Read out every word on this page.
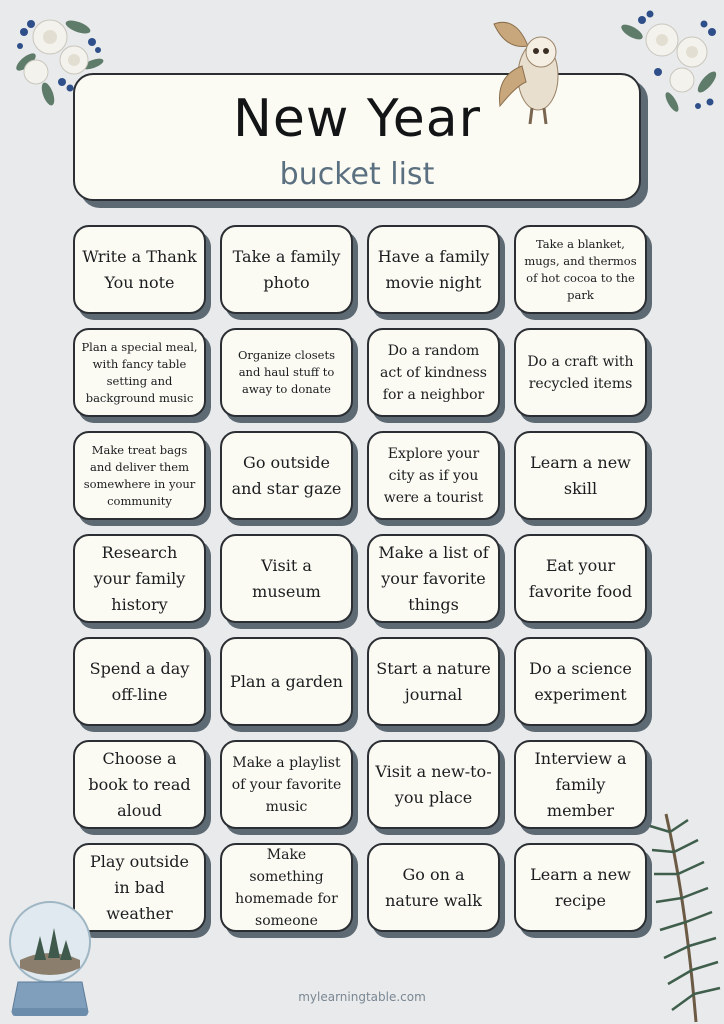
New Year
bucket list
Write a Thank You note
Take a family photo
Have a family movie night
Take a blanket, mugs, and thermos of hot cocoa to the park
Plan a special meal, with fancy table setting and background music
Organize closets and haul stuff to away to donate
Do a random act of kindness for a neighbor
Do a craft with recycled items
Make treat bags and deliver them somewhere in your community
Go outside and star gaze
Explore your city as if you were a tourist
Learn a new skill
Research your family history
Visit a museum
Make a list of your favorite things
Eat your favorite food
Spend a day off-line
Plan a garden
Start a nature journal
Do a science experiment
Choose a book to read aloud
Make a playlist of your favorite music
Visit a new-to-you place
Interview a family member
Play outside in bad weather
Make something homemade for someone
Go on a nature walk
Learn a new recipe
mylearningtable.com
